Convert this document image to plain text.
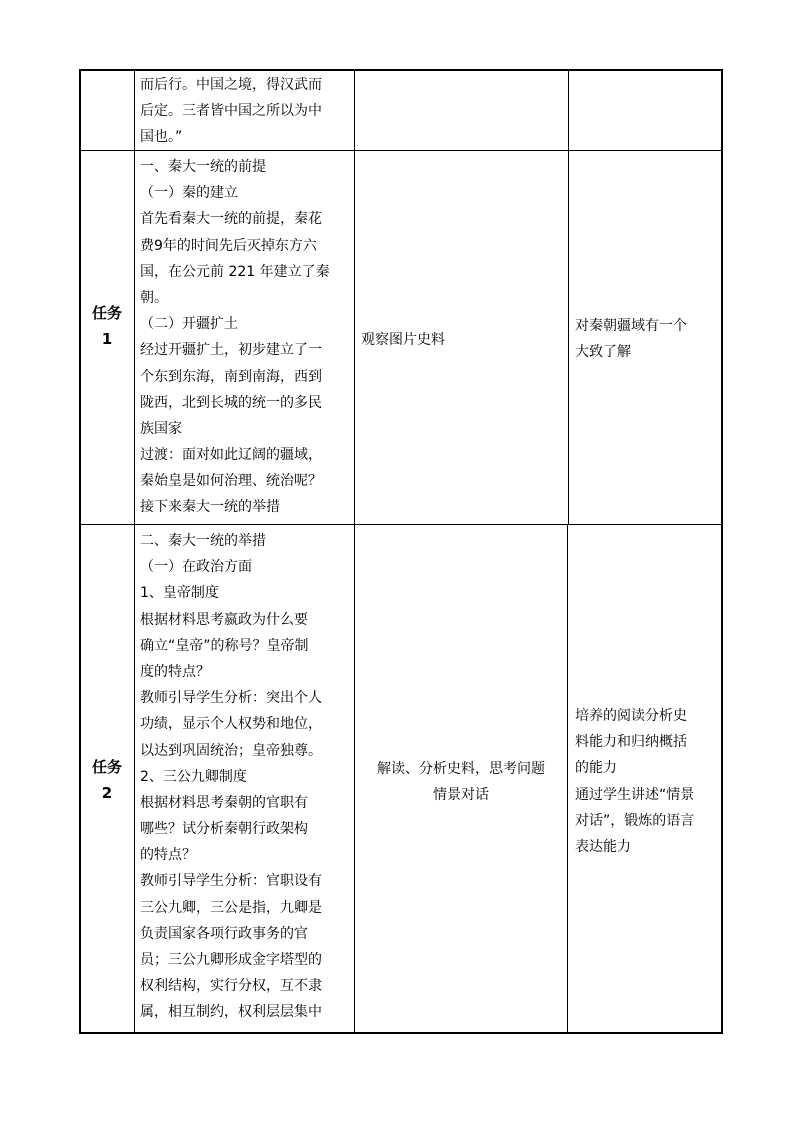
而后行。中国之境，得汉武而
后定。三者皆中国之所以为中
国也。”
任务
1
一、秦大一统的前提
（一）秦的建立
首先看秦大一统的前提，秦花
费9年的时间先后灭掉东方六
国，在公元前 221 年建立了秦
朝。
（二）开疆扩土
经过开疆扩土，初步建立了一
个东到东海，南到南海，西到
陇西，北到长城的统一的多民
族国家
过渡：面对如此辽阔的疆域，
秦始皇是如何治理、统治呢？
接下来秦大一统的举措
观察图片史料
对秦朝疆域有一个
大致了解
任务
2
二、秦大一统的举措
（一）在政治方面
1、皇帝制度
根据材料思考嬴政为什么要
确立“皇帝”的称号？皇帝制
度的特点？
教师引导学生分析：突出个人
功绩，显示个人权势和地位，
以达到巩固统治；皇帝独尊。
2、三公九卿制度
根据材料思考秦朝的官职有
哪些？试分析秦朝行政架构
的特点？
教师引导学生分析：官职设有
三公九卿，三公是指，九卿是
负责国家各项行政事务的官
员；三公九卿形成金字塔型的
权利结构，实行分权，互不隶
属，相互制约，权利层层集中
解读、分析史料，思考问题
情景对话
培养的阅读分析史
料能力和归纳概括
的能力
通过学生讲述“情景
对话”，锻炼的语言
表达能力
